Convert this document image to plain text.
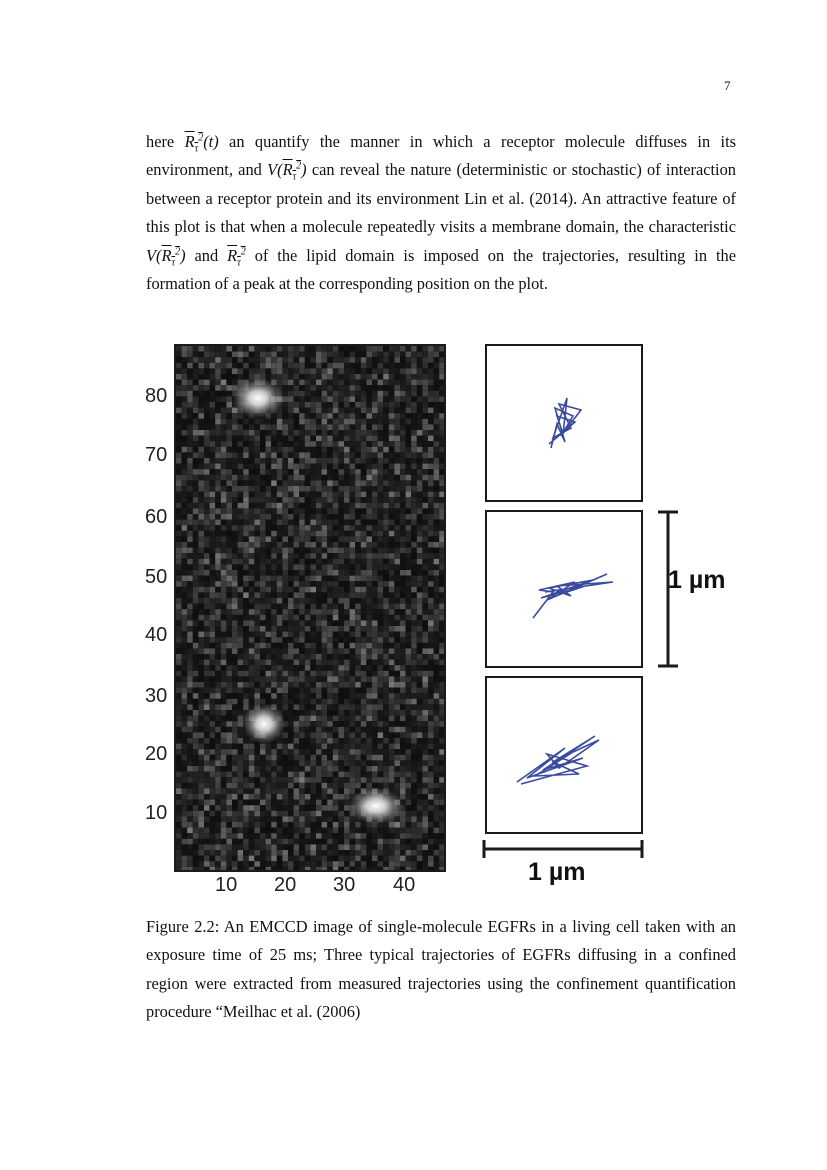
7
here $R_\tau^2(t)$ an quantify the manner in which a receptor molecule diffuses in its environment, and $V(R_\tau^2)$ can reveal the nature (deterministic or stochastic) of interaction between a receptor protein and its environment Lin et al. (2014). An attractive feature of this plot is that when a molecule repeatedly visits a membrane domain, the characteristic $V(R_\tau^2)$ and $R_\tau^2$ of the lipid domain is imposed on the trajectories, resulting in the formation of a peak at the corresponding position on the plot.
80
70
60
50
40
30
20
10
10 20 30 40
1 µm
1 µm
Figure 2.2: An EMCCD image of single-molecule EGFRs in a living cell taken with an exposure time of 25 ms; Three typical trajectories of EGFRs diffusing in a confined region were extracted from measured trajectories using the confinement quantification procedure “Meilhac et al. (2006)
